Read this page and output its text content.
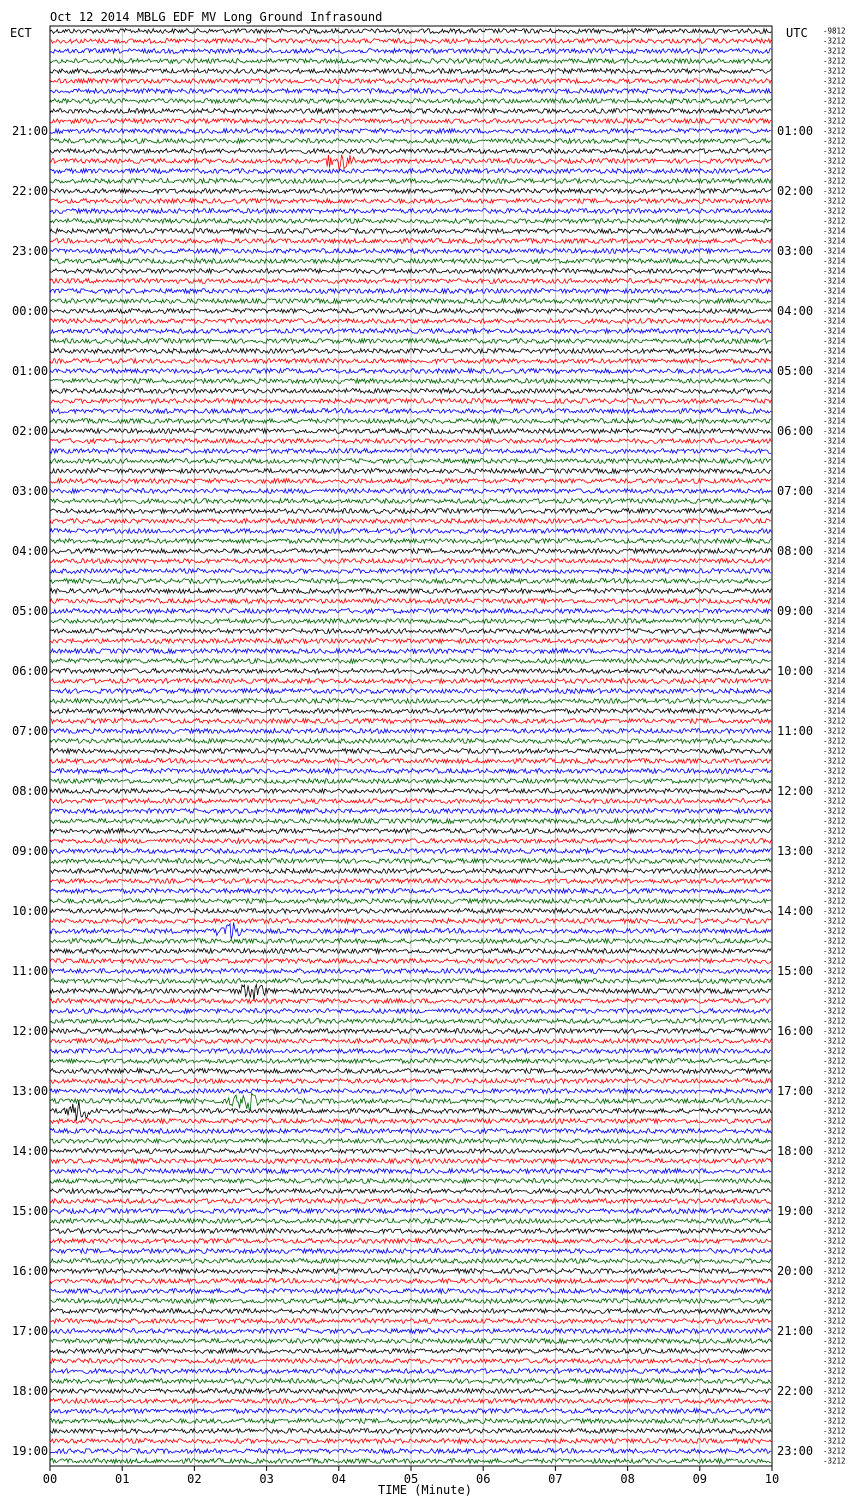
Oct 12 2014 MBLG EDF MV Long Ground Infrasound
ECT	UTC
21:00	01:00
22:00	02:00
23:00	03:00
00:00	04:00
01:00	05:00
02:00	06:00
03:00	07:00
04:00	08:00
05:00	09:00
06:00	10:00
07:00	11:00
08:00	12:00
09:00	13:00
10:00	14:00
11:00	15:00
12:00	16:00
13:00	17:00
14:00	18:00
15:00	19:00
16:00	20:00
17:00	21:00
18:00	22:00
19:00	23:00
-9812
-3212
-3212
-3212
-3212
-3212
-3212
-3212
-3212
-3212
-3212
-3212
-3212
-3212
-3212
-3212
-3212
-3212
-3212
-3212
-3214
-3214
-3214
-3214
-3214
-3214
-3214
-3214
-3214
-3214
-3214
-3214
-3214
-3214
-3214
-3214
-3214
-3214
-3214
-3214
-3214
-3214
-3214
-3214
-3214
-3214
-3214
-3214
-3214
-3214
-3214
-3214
-3214
-3214
-3214
-3214
-3214
-3214
-3214
-3214
-3214
-3214
-3214
-3214
-3214
-3214
-3214
-3214
-3214
-3212
-3212
-3212
-3212
-3212
-3212
-3212
-3212
-3212
-3212
-3212
-3212
-3212
-3212
-3212
-3212
-3212
-3212
-3212
-3212
-3212
-3212
-3212
-3212
-3212
-3212
-3212
-3212
-3212
-3212
-3212
-3212
-3212
-3212
-3212
-3212
-3212
-3212
-3212
-3212
-3212
-3212
-3212
-3212
-3212
-3212
-3212
-3212
-3212
-3212
-3212
-3212
-3212
-3212
-3212
-3212
-3212
-3212
-3212
-3212
-3212
-3212
-3212
-3212
-3212
-3212
-3212
-3212
-3212
-3212
-3212
-3212
-3212
-3212
-3212
00	01	02	03	04	05	06	07	08	09	10
TIME (Minute)
